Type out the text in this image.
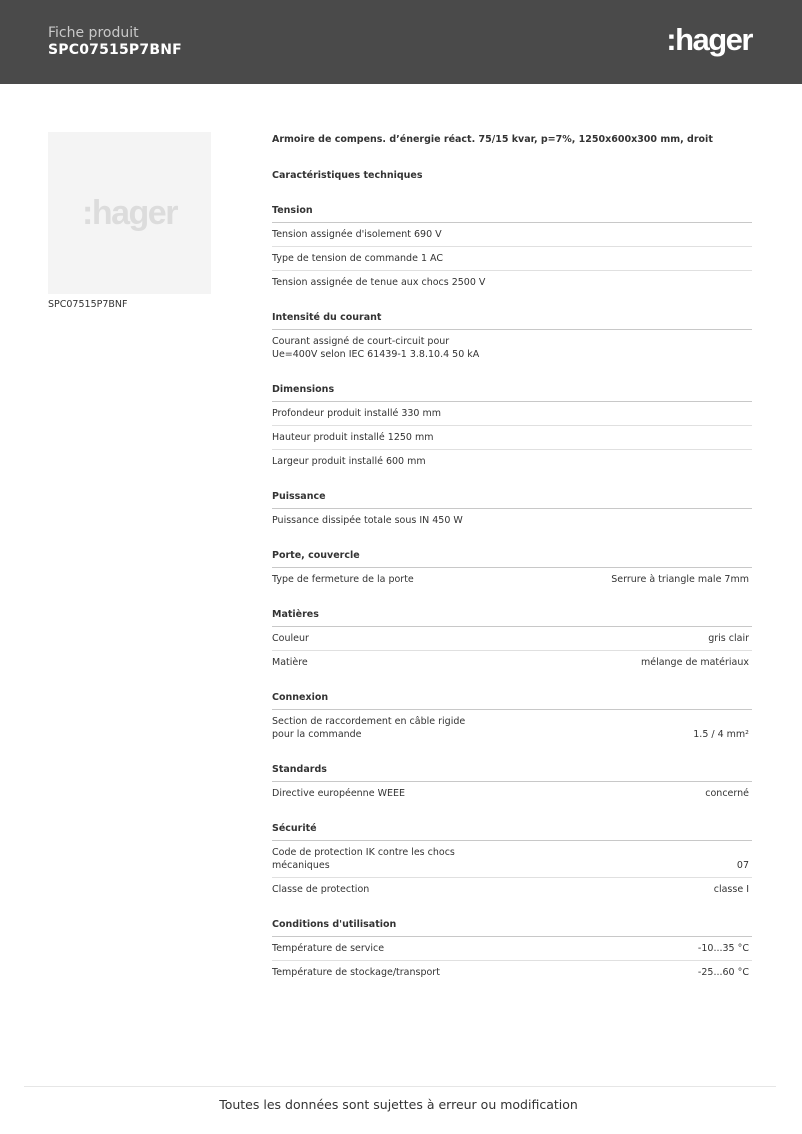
Fiche produit
SPC07515P7BNF	:hager
:hager
SPC07515P7BNF
Armoire de compens. d’énergie réact. 75/15 kvar, p=7%, 1250x600x300 mm, droit
Caractéristiques techniques
Tension
Tension assignée d'isolement 690 V
Type de tension de commande 1 AC
Tension assignée de tenue aux chocs 2500 V
Intensité du courant
Courant assigné de court-circuit pour
Ue=400V selon IEC 61439-1 3.8.10.4 50 kA
Dimensions
Profondeur produit installé 330 mm
Hauteur produit installé 1250 mm
Largeur produit installé 600 mm
Puissance
Puissance dissipée totale sous IN 450 W
Porte, couvercle
Type de fermeture de la porte	Serrure à triangle male 7mm
Matières
Couleur	gris clair
Matière	mélange de matériaux
Connexion
Section de raccordement en câble rigide
pour la commande	1.5 / 4 mm²
Standards
Directive européenne WEEE	concerné
Sécurité
Code de protection IK contre les chocs
mécaniques	07
Classe de protection	classe I
Conditions d'utilisation
Température de service	-10...35 °C
Température de stockage/transport	-25...60 °C
Toutes les données sont sujettes à erreur ou modification
